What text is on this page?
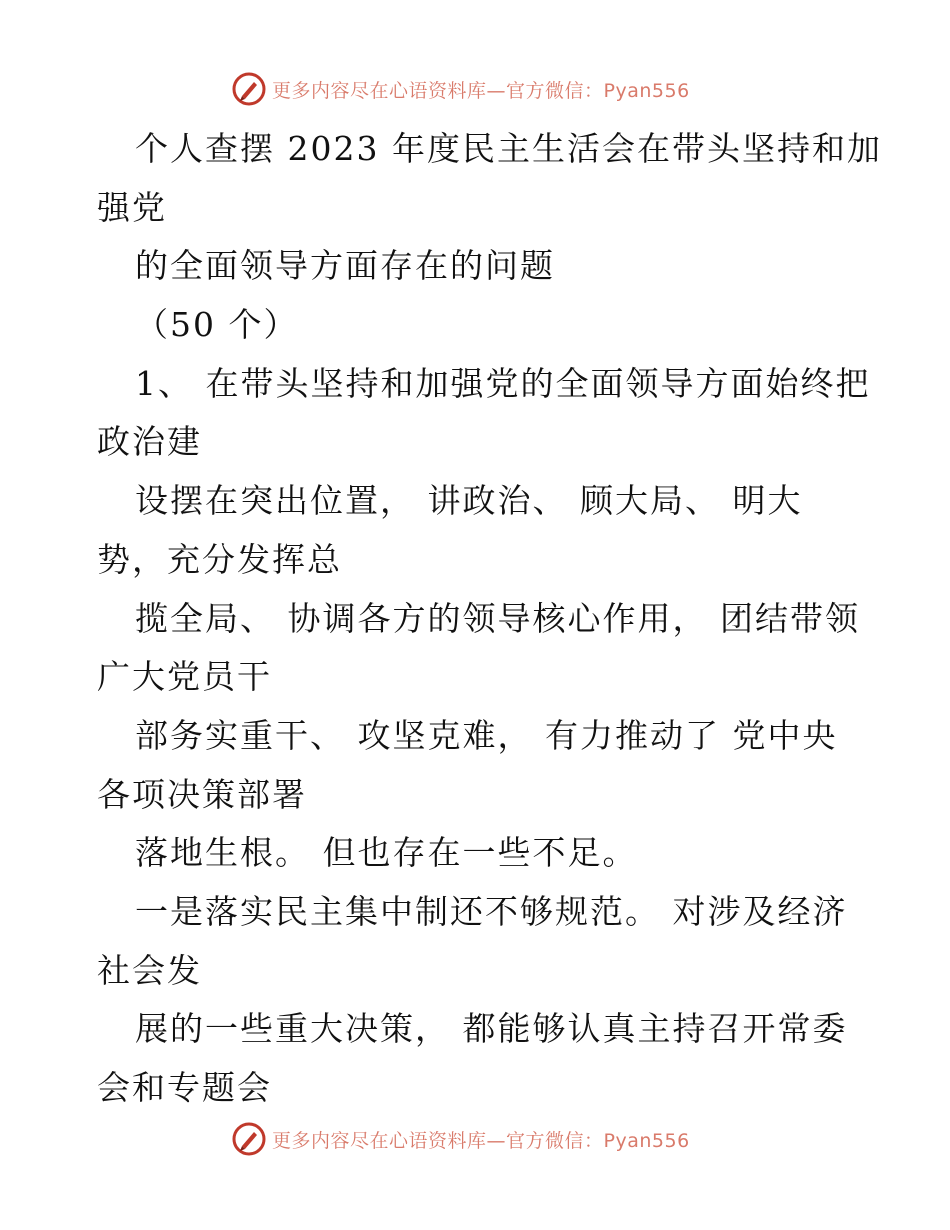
更多内容尽在心语资料库—官方微信：Pyan556
个人查摆 2023 年度民主生活会在带头坚持和加
强党
的全面领导方面存在的问题
（50 个）
1、 在带头坚持和加强党的全面领导方面始终把
政治建
设摆在突出位置， 讲政治、 顾大局、 明大
势，充分发挥总
揽全局、 协调各方的领导核心作用， 团结带领
广大党员干
部务实重干、 攻坚克难， 有力推动了 党中央
各项决策部署
落地生根。 但也存在一些不足。
一是落实民主集中制还不够规范。 对涉及经济
社会发
展的一些重大决策， 都能够认真主持召开常委
会和专题会
更多内容尽在心语资料库—官方微信：Pyan556
